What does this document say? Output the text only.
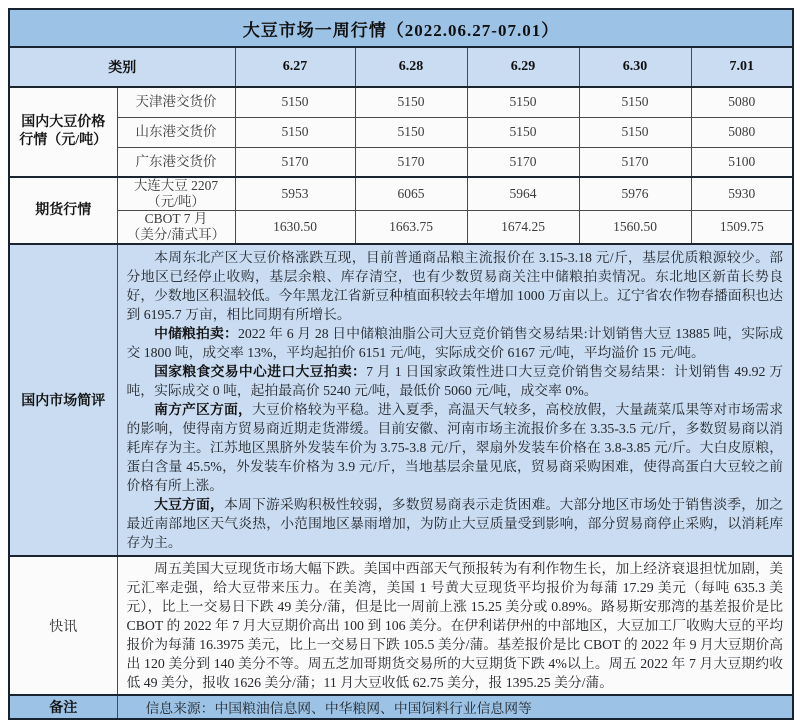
大豆市场一周行情（2022.06.27-07.01）						
类别		6.27	6.28	6.29	6.30	7.01

国内大豆价格
行情（元/吨）	天津港交货价	5150	5150	5150	5150	5080
	山东港交货价	5150	5150	5150	5150	5080
	广东港交货价	5170	5170	5170	5170	5100
期货行情	大连大豆 2207
（元/吨）	5953	6065	5964	5976	5930

	CBOT 7 月
（美分/蒲式耳）	1630.50	1663.75	1674.25	1560.50	1509.75
国内市场简评	本周东北产区大豆价格涨跌互现，目前普通商品粮主流报价在 3.15-3.18 元/斤，基层优质粮源较少。部分地区已经停止收购，基层余粮、库存清空，也有少数贸易商关注中储粮拍卖情况。东北地区新苗长势良好，少数地区积温较低。今年黑龙江省新豆种植面积较去年增加 1000 万亩以上。辽宁省农作物春播面积也达到 6195.7 万亩，相比同期有所增长。

中储粮拍卖：2022 年 6 月 28 日中储粮油脂公司大豆竞价销售交易结果:计划销售大豆 13885 吨，实际成交 1800 吨，成交率 13%，平均起拍价 6151 元/吨，实际成交价 6167 元/吨，平均溢价 15 元/吨。

国家粮食交易中心进口大豆拍卖：7 月 1 日国家政策性进口大豆竞价销售交易结果：计划销售 49.92 万吨，实际成交 0 吨，起拍最高价 5240 元/吨，最低价 5060 元/吨，成交率 0%。

南方产区方面，大豆价格较为平稳。进入夏季，高温天气较多，高校放假，大量蔬菜瓜果等对市场需求的影响，使得南方贸易商近期走货滞缓。目前安徽、河南市场主流报价多在 3.35-3.5 元/斤，多数贸易商以消耗库存为主。江苏地区黑脐外发装车价为 3.75-3.8 元/斤，翠扇外发装车价格在 3.8-3.85 元/斤。大白皮原粮，蛋白含量 45.5%，外发装车价格为 3.9 元/斤，当地基层余量见底，贸易商采购困难，使得高蛋白大豆较之前价格有所上涨。

大豆方面，本周下游采购积极性较弱，多数贸易商表示走货困难。大部分地区市场处于销售淡季，加之最近南部地区天气炎热，小范围地区暴雨增加，为防止大豆质量受到影响，部分贸易商停止采购，以消耗库存为主。					

快讯	周五美国大豆现货市场大幅下跌。美国中西部天气预报转为有利作物生长，加上经济衰退担忧加剧，美元汇率走强，给大豆带来压力。在美湾，美国 1 号黄大豆现货平均报价为每蒲 17.29 美元（每吨 635.3 美元），比上一交易日下跌 49 美分/蒲，但是比一周前上涨 15.25 美分或 0.89%。路易斯安那湾的基差报价是比 CBOT 的 2022 年 7 月大豆期价高出 100 到 106 美分。在伊利诺伊州的中部地区，大豆加工厂收购大豆的平均报价为每蒲 16.3975 美元，比上一交易日下跌 105.5 美分/蒲。基差报价是比 CBOT 的 2022 年 9 月大豆期价高出 120 美分到 140 美分不等。周五芝加哥期货交易所的大豆期货下跌 4%以上。周五 2022 年 7 月大豆期约收低 49 美分，报收 1626 美分/蒲；11 月大豆收低 62.75 美分，报 1395.25 美分/蒲。					

备注	信息来源：中国粮油信息网、中华粮网、中国饲料行业信息网等					
